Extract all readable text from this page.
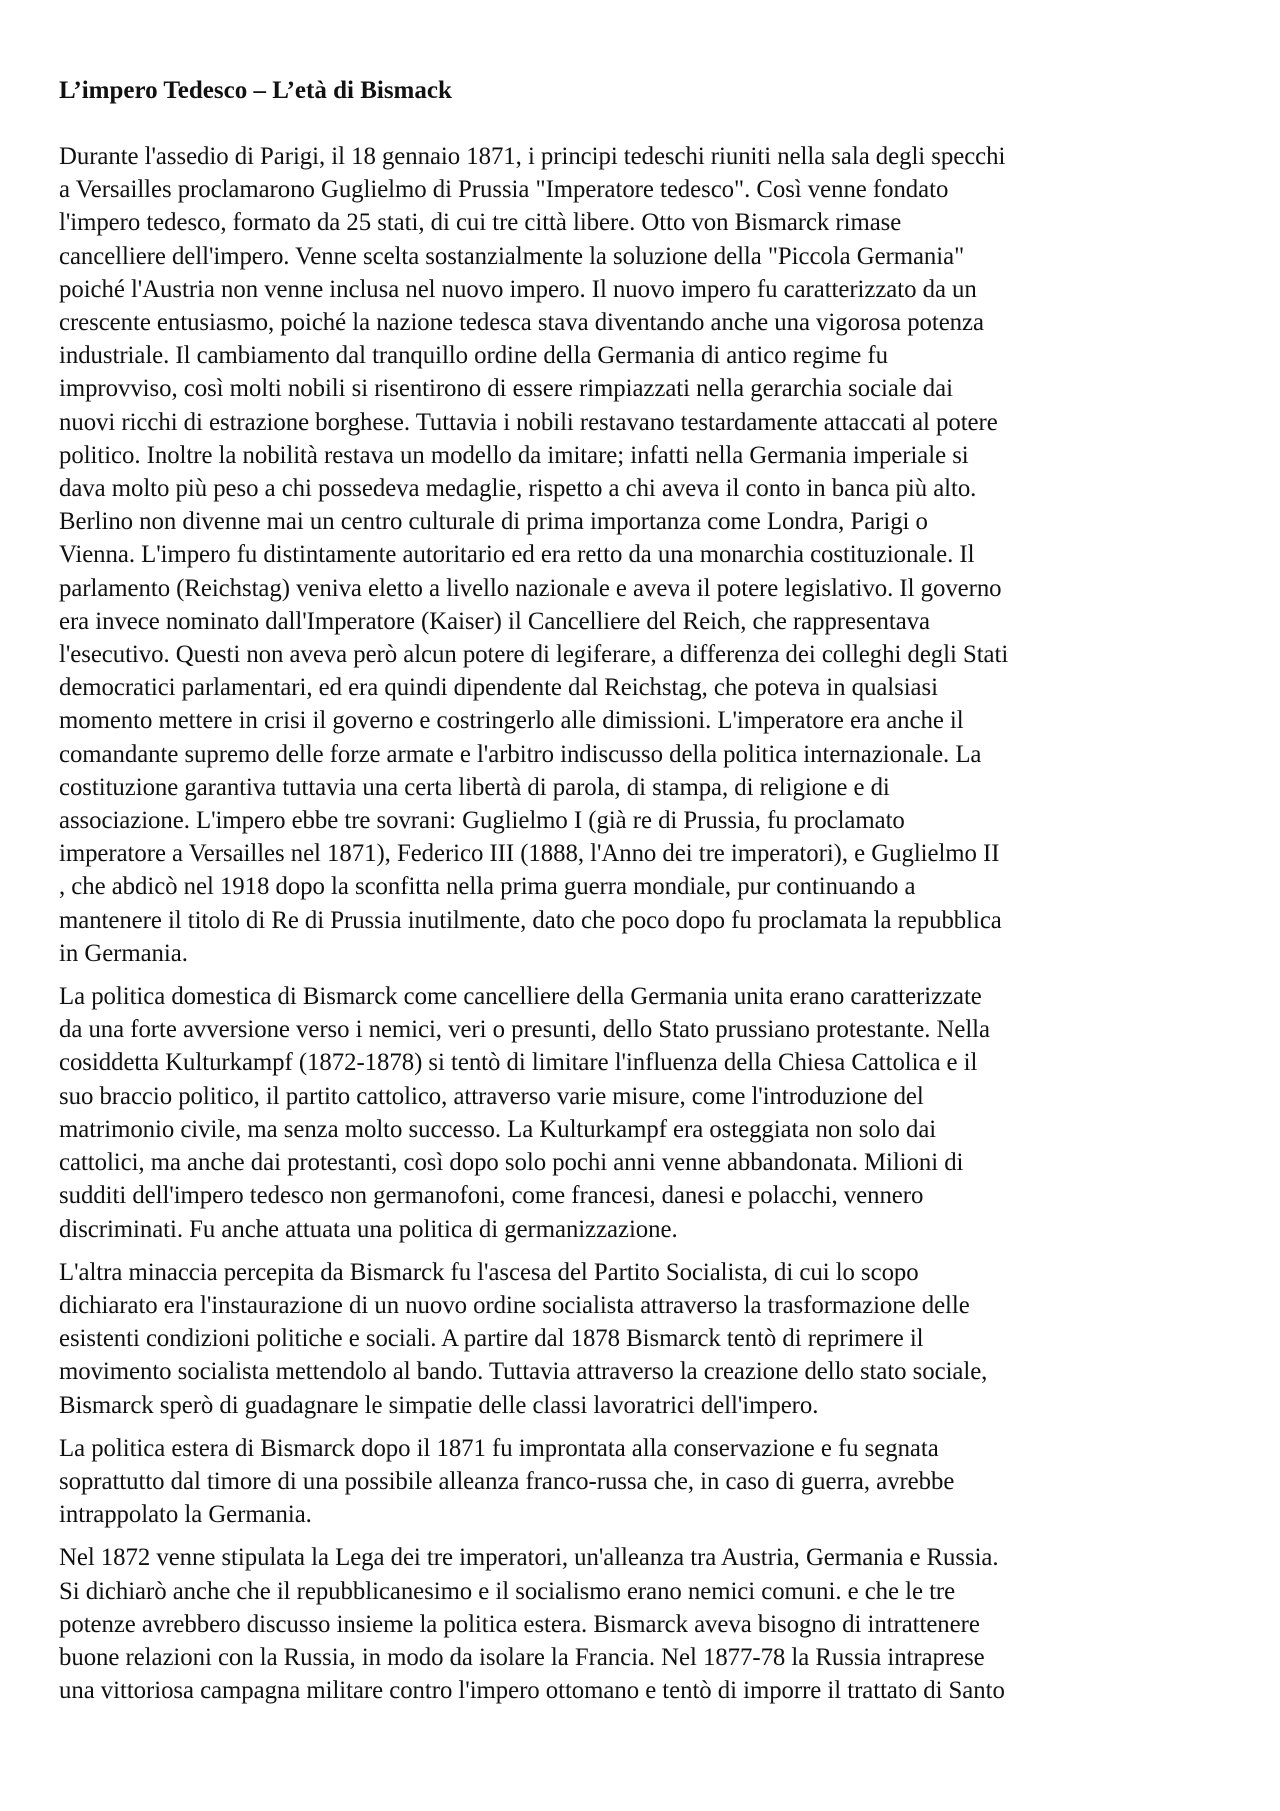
L’impero Tedesco – L’età di Bismack

Durante l'assedio di Parigi, il 18 gennaio 1871, i principi tedeschi riuniti nella sala degli specchi
a Versailles proclamarono Guglielmo di Prussia "Imperatore tedesco". Così venne fondato
l'impero tedesco, formato da 25 stati, di cui tre città libere. Otto von Bismarck rimase
cancelliere dell'impero. Venne scelta sostanzialmente la soluzione della "Piccola Germania"
poiché l'Austria non venne inclusa nel nuovo impero. Il nuovo impero fu caratterizzato da un
crescente entusiasmo, poiché la nazione tedesca stava diventando anche una vigorosa potenza
industriale. Il cambiamento dal tranquillo ordine della Germania di antico regime fu
improvviso, così molti nobili si risentirono di essere rimpiazzati nella gerarchia sociale dai
nuovi ricchi di estrazione borghese. Tuttavia i nobili restavano testardamente attaccati al potere
politico. Inoltre la nobilità restava un modello da imitare; infatti nella Germania imperiale si
dava molto più peso a chi possedeva medaglie, rispetto a chi aveva il conto in banca più alto.
Berlino non divenne mai un centro culturale di prima importanza come Londra, Parigi o
Vienna. L'impero fu distintamente autoritario ed era retto da una monarchia costituzionale. Il
parlamento (Reichstag) veniva eletto a livello nazionale e aveva il potere legislativo. Il governo
era invece nominato dall'Imperatore (Kaiser) il Cancelliere del Reich, che rappresentava
l'esecutivo. Questi non aveva però alcun potere di legiferare, a differenza dei colleghi degli Stati
democratici parlamentari, ed era quindi dipendente dal Reichstag, che poteva in qualsiasi
momento mettere in crisi il governo e costringerlo alle dimissioni. L'imperatore era anche il
comandante supremo delle forze armate e l'arbitro indiscusso della politica internazionale. La
costituzione garantiva tuttavia una certa libertà di parola, di stampa, di religione e di
associazione. L'impero ebbe tre sovrani: Guglielmo I (già re di Prussia, fu proclamato
imperatore a Versailles nel 1871), Federico III (1888, l'Anno dei tre imperatori), e Guglielmo II
, che abdicò nel 1918 dopo la sconfitta nella prima guerra mondiale, pur continuando a
mantenere il titolo di Re di Prussia inutilmente, dato che poco dopo fu proclamata la repubblica
in Germania.

La politica domestica di Bismarck come cancelliere della Germania unita erano caratterizzate
da una forte avversione verso i nemici, veri o presunti, dello Stato prussiano protestante. Nella
cosiddetta Kulturkampf (1872-1878) si tentò di limitare l'influenza della Chiesa Cattolica e il
suo braccio politico, il partito cattolico, attraverso varie misure, come l'introduzione del
matrimonio civile, ma senza molto successo. La Kulturkampf era osteggiata non solo dai
cattolici, ma anche dai protestanti, così dopo solo pochi anni venne abbandonata. Milioni di
sudditi dell'impero tedesco non germanofoni, come francesi, danesi e polacchi, vennero
discriminati. Fu anche attuata una politica di germanizzazione.

L'altra minaccia percepita da Bismarck fu l'ascesa del Partito Socialista, di cui lo scopo
dichiarato era l'instaurazione di un nuovo ordine socialista attraverso la trasformazione delle
esistenti condizioni politiche e sociali. A partire dal 1878 Bismarck tentò di reprimere il
movimento socialista mettendolo al bando. Tuttavia attraverso la creazione dello stato sociale,
Bismarck sperò di guadagnare le simpatie delle classi lavoratrici dell'impero.

La politica estera di Bismarck dopo il 1871 fu improntata alla conservazione e fu segnata
soprattutto dal timore di una possibile alleanza franco-russa che, in caso di guerra, avrebbe
intrappolato la Germania.

Nel 1872 venne stipulata la Lega dei tre imperatori, un'alleanza tra Austria, Germania e Russia.
Si dichiarò anche che il repubblicanesimo e il socialismo erano nemici comuni. e che le tre
potenze avrebbero discusso insieme la politica estera. Bismarck aveva bisogno di intrattenere
buone relazioni con la Russia, in modo da isolare la Francia. Nel 1877-78 la Russia intraprese
una vittoriosa campagna militare contro l'impero ottomano e tentò di imporre il trattato di Santo
